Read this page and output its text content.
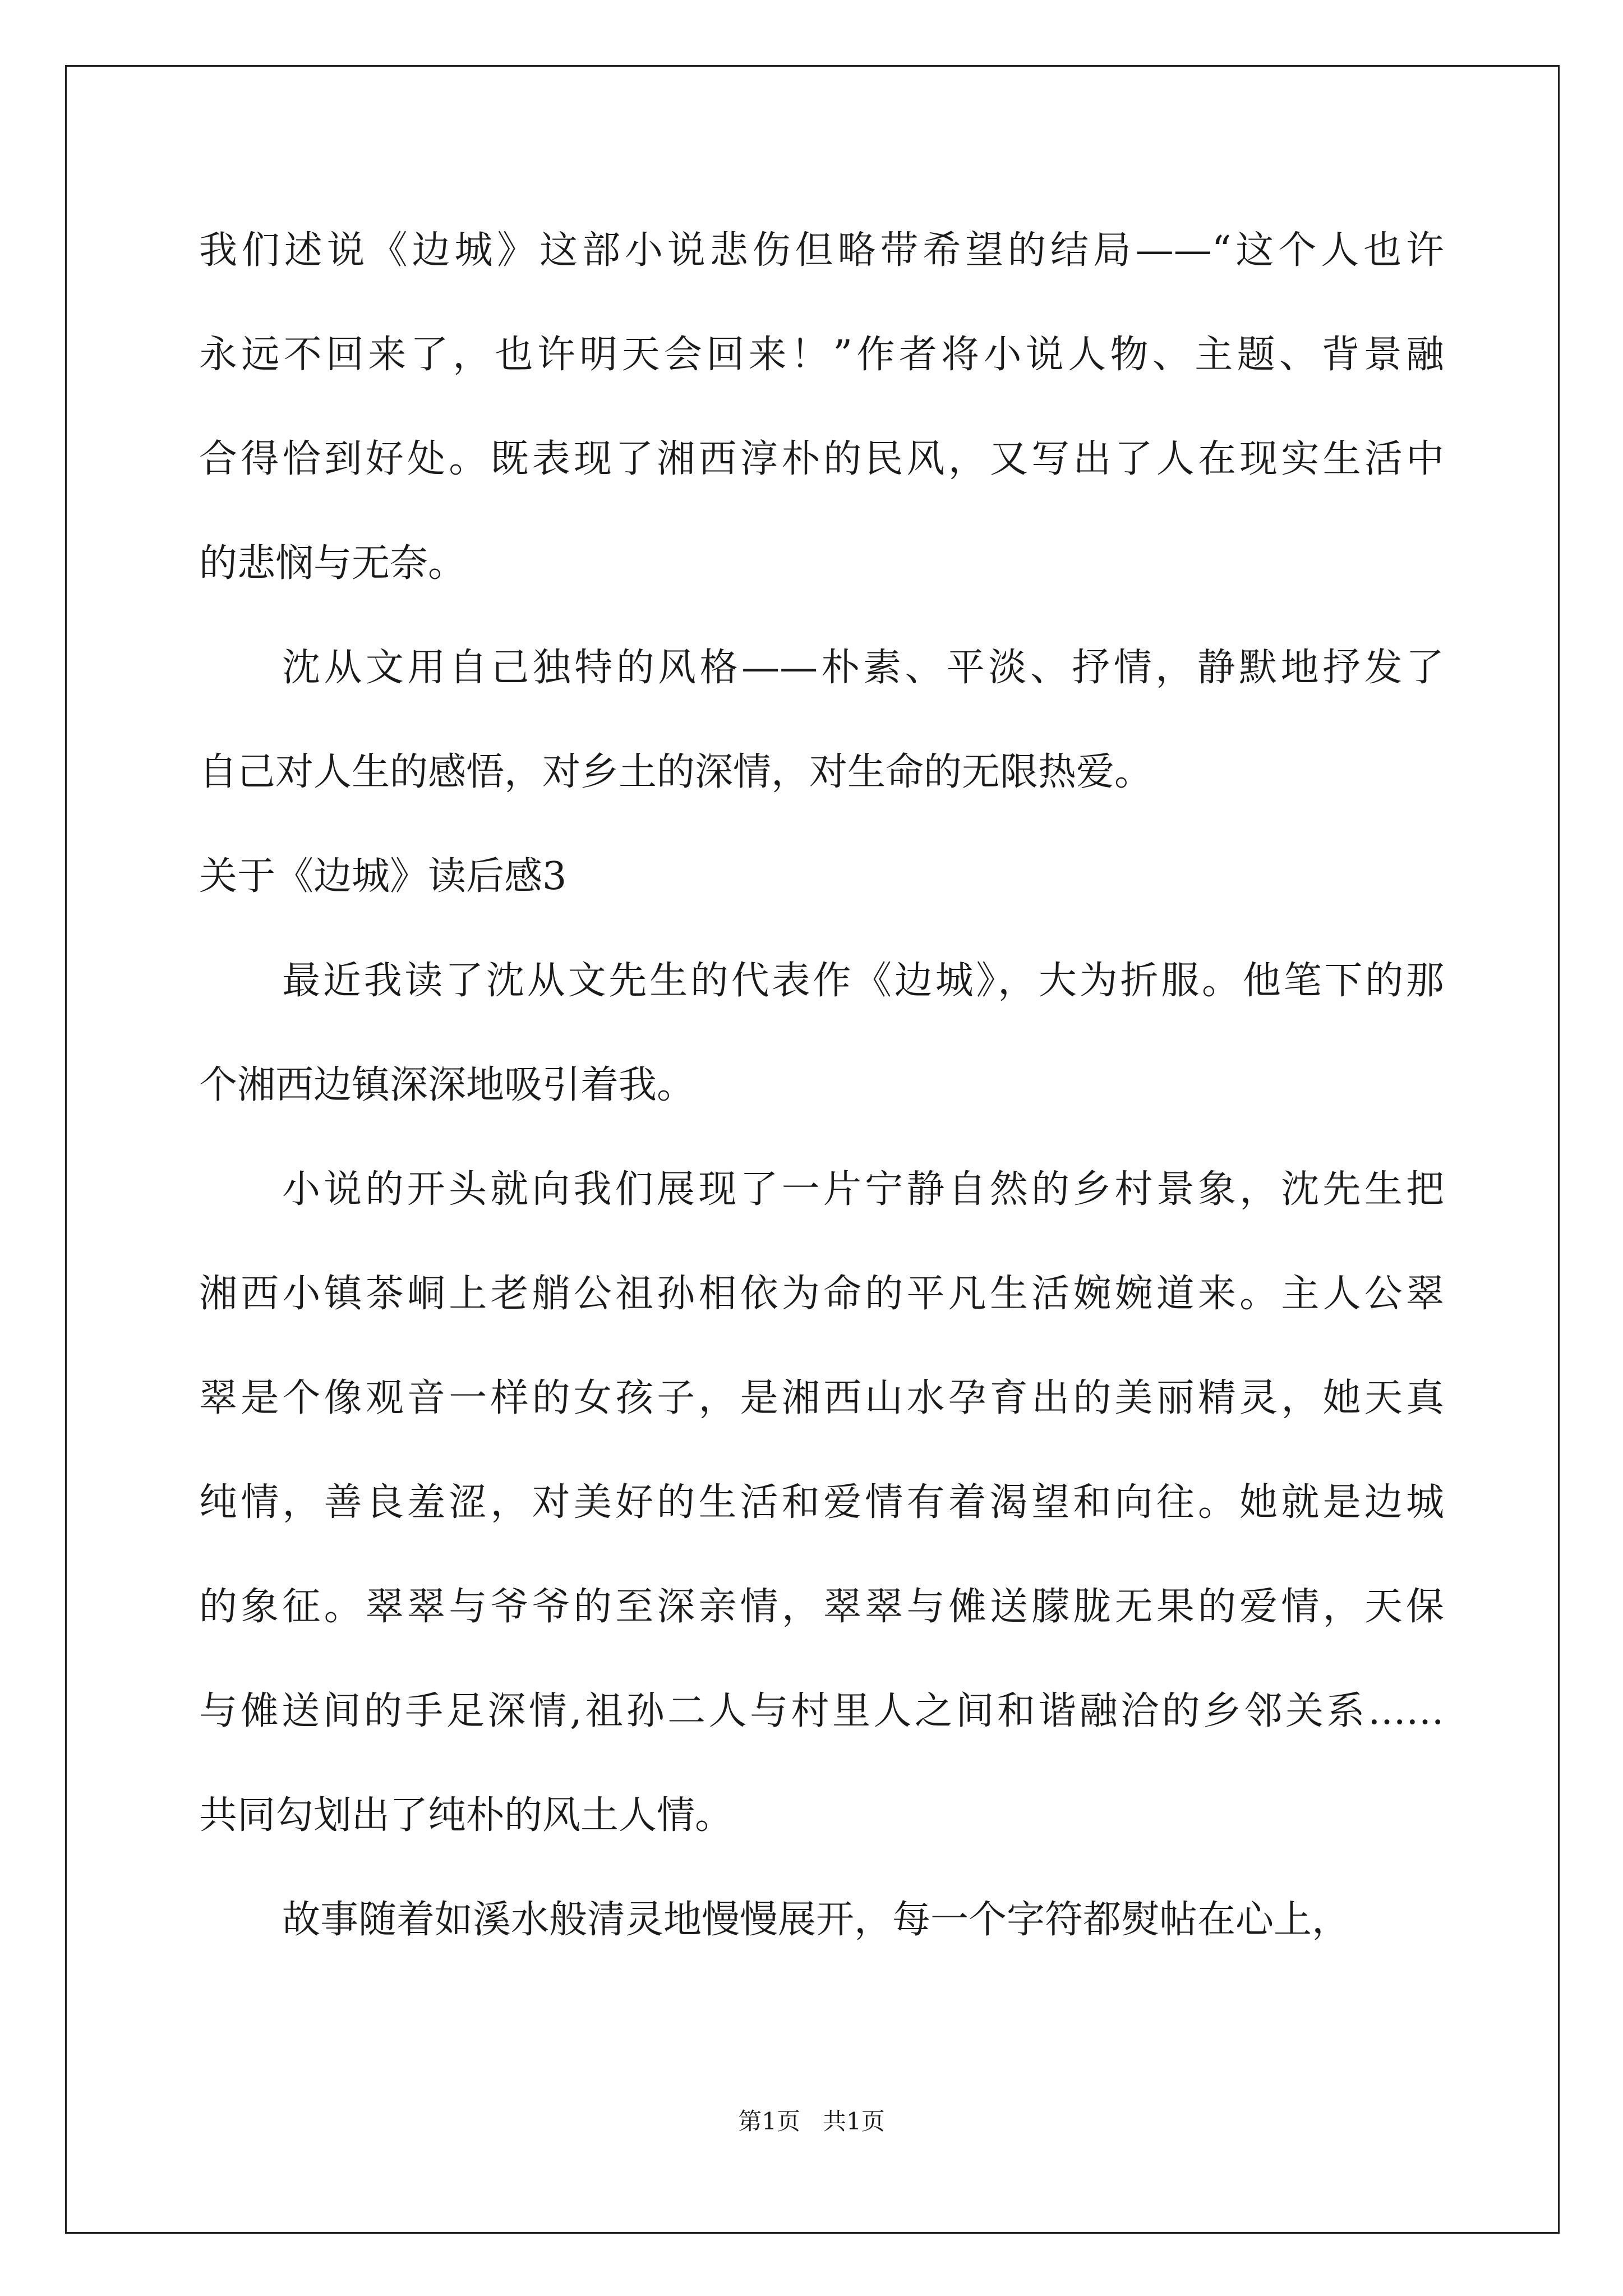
我们述说《边城》这部小说悲伤但略带希望的结局——“这个人也许
永远不回来了，也许明天会回来！”作者将小说人物、主题、背景融
合得恰到好处。既表现了湘西淳朴的民风，又写出了人在现实生活中
的悲悯与无奈。
沈从文用自己独特的风格——朴素、平淡、抒情，静默地抒发了
自己对人生的感悟，对乡土的深情，对生命的无限热爱。
关于《边城》读后感3
最近我读了沈从文先生的代表作《边城》，大为折服。他笔下的那
个湘西边镇深深地吸引着我。
小说的开头就向我们展现了一片宁静自然的乡村景象，沈先生把
湘西小镇茶峒上老艄公祖孙相依为命的平凡生活婉婉道来。主人公翠
翠是个像观音一样的女孩子，是湘西山水孕育出的美丽精灵，她天真
纯情，善良羞涩，对美好的生活和爱情有着渴望和向往。她就是边城
的象征。翠翠与爷爷的至深亲情，翠翠与傩送朦胧无果的爱情，天保
与傩送间的手足深情,祖孙二人与村里人之间和谐融洽的乡邻关系……
共同勾划出了纯朴的风土人情。
故事随着如溪水般清灵地慢慢展开，每一个字符都熨帖在心上，
第1页 共1页
